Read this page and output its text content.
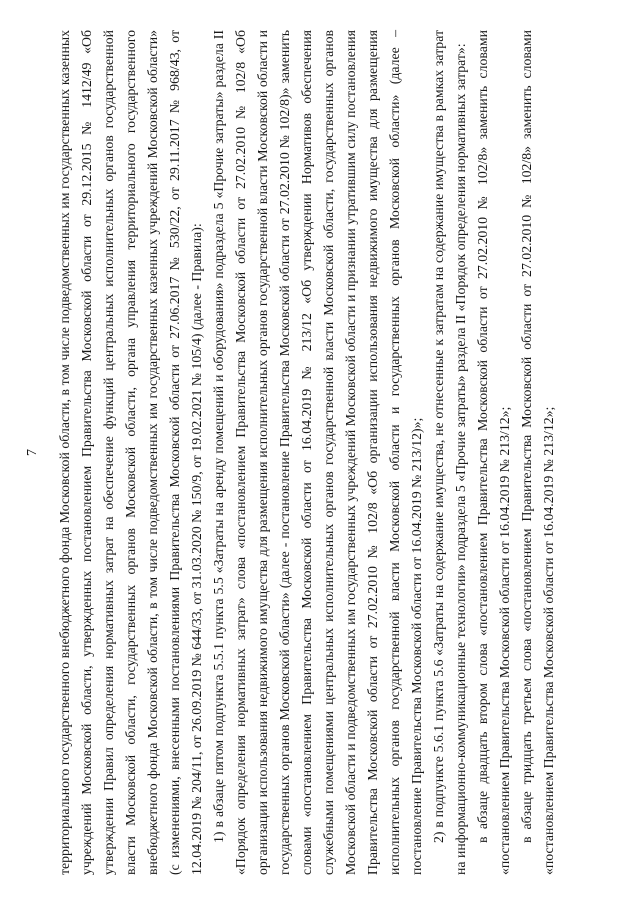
7 территориального государственного внебюджетного фонда Московской области, в том числе подведомственных им государственных казенных учреждений Московской области, утвержденных постановлением Правительства Московской области от 29.12.2015 № 1412/49 «Об утверждении Правил определения нормативных затрат на обеспечение функций центральных исполнительных органов государственной власти Московской области, государственных органов Московской области, органа управления территориального государственного внебюджетного фонда Московской области, в том числе подведомственных им государственных казенных учреждений Московской области» (с изменениями, внесенными постановлениями Правительства Московской области от 27.06.2017 № 530/22, от 29.11.2017 № 968/43, от 12.04.2019 № 204/11, от 26.09.2019 № 644/33, от 31.03.2020 № 150/9, от 19.02.2021 № 105/4) (далее - Правила): 1) в абзаце пятом подпункта 5.5.1 пункта 5.5 «Затраты на аренду помещений и оборудования» подраздела 5 «Прочие затраты» раздела II «Порядок определения нормативных затрат» слова «постановлением Правительства Московской области от 27.02.2010 № 102/8 «Об организации использования недвижимого имущества для размещения исполнительных органов государственной власти Московской области и государственных органов Московской области» (далее - постановление Правительства Московской области от 27.02.2010 № 102/8)» заменить словами «постановлением Правительства Московской области от 16.04.2019 № 213/12 «Об утверждении Нормативов обеспечения служебными помещениями центральных исполнительных органов государственной власти Московской области, государственных органов Московской области и подведомственных им государственных учреждений Московской области и признании утратившим силу постановления Правительства Московской области от 27.02.2010 № 102/8 «Об организации использования недвижимого имущества для размещения исполнительных органов государственной власти Московской области и государственных органов Московской области» (далее – постановление Правительства Московской области от 16.04.2019 № 213/12)»; 2) в подпункте 5.6.1 пункта 5.6 «Затраты на содержание имущества, не отнесенные к затратам на содержание имущества в рамках затрат на информационно-коммуникационные технологии» подраздела 5 «Прочие затраты» раздела II «Порядок определения нормативных затрат»: в абзаце двадцать втором слова «постановлением Правительства Московской области от 27.02.2010 № 102/8» заменить словами «постановлением Правительства Московской области от 16.04.2019 № 213/12»; в абзаце тридцать третьем слова «постановлением Правительства Московской области от 27.02.2010 № 102/8» заменить словами «постановлением Правительства Московской области от 16.04.2019 № 213/12»;
